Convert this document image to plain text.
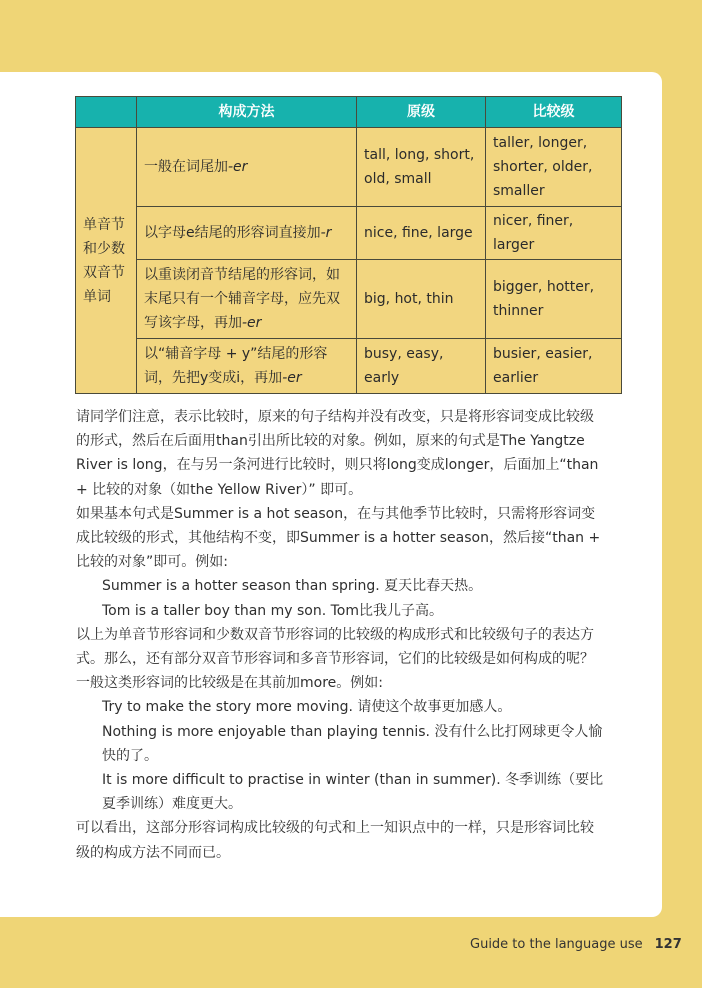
	构成方法	原级	比较级
单音节和少数双音节单词	一般在词尾加-er	tall, long, short, old, small	taller, longer, shorter, older, smaller
	以字母e结尾的形容词直接加-r	nice, fine, large	nicer, finer, larger
	以重读闭音节结尾的形容词，如末尾只有一个辅音字母，应先双写该字母，再加-er	big, hot, thin	bigger, hotter, thinner
	以“辅音字母 + y”结尾的形容词，先把y变成i，再加-er	busy, easy, early	busier, easier, earlier

请同学们注意，表示比较时，原来的句子结构并没有改变，只是将形容词变成比较级的形式，然后在后面用than引出所比较的对象。例如，原来的句式是The Yangtze River is long，在与另一条河进行比较时，则只将long变成longer，后面加上“than + 比较的对象（如the Yellow River）” 即可。

如果基本句式是Summer is a hot season，在与其他季节比较时，只需将形容词变成比较级的形式，其他结构不变，即Summer is a hotter season，然后接“than + 比较的对象”即可。例如:

Summer is a hotter season than spring. 夏天比春天热。

Tom is a taller boy than my son. Tom比我儿子高。

以上为单音节形容词和少数双音节形容词的比较级的构成形式和比较级句子的表达方式。那么，还有部分双音节形容词和多音节形容词，它们的比较级是如何构成的呢？一般这类形容词的比较级是在其前加more。例如:

Try to make the story more moving. 请使这个故事更加感人。

Nothing is more enjoyable than playing tennis. 没有什么比打网球更令人愉快的了。

It is more difficult to practise in winter (than in summer). 冬季训练（要比夏季训练）难度更大。

可以看出，这部分形容词构成比较级的句式和上一知识点中的一样，只是形容词比较级的构成方法不同而已。

Guide to the language use 127
